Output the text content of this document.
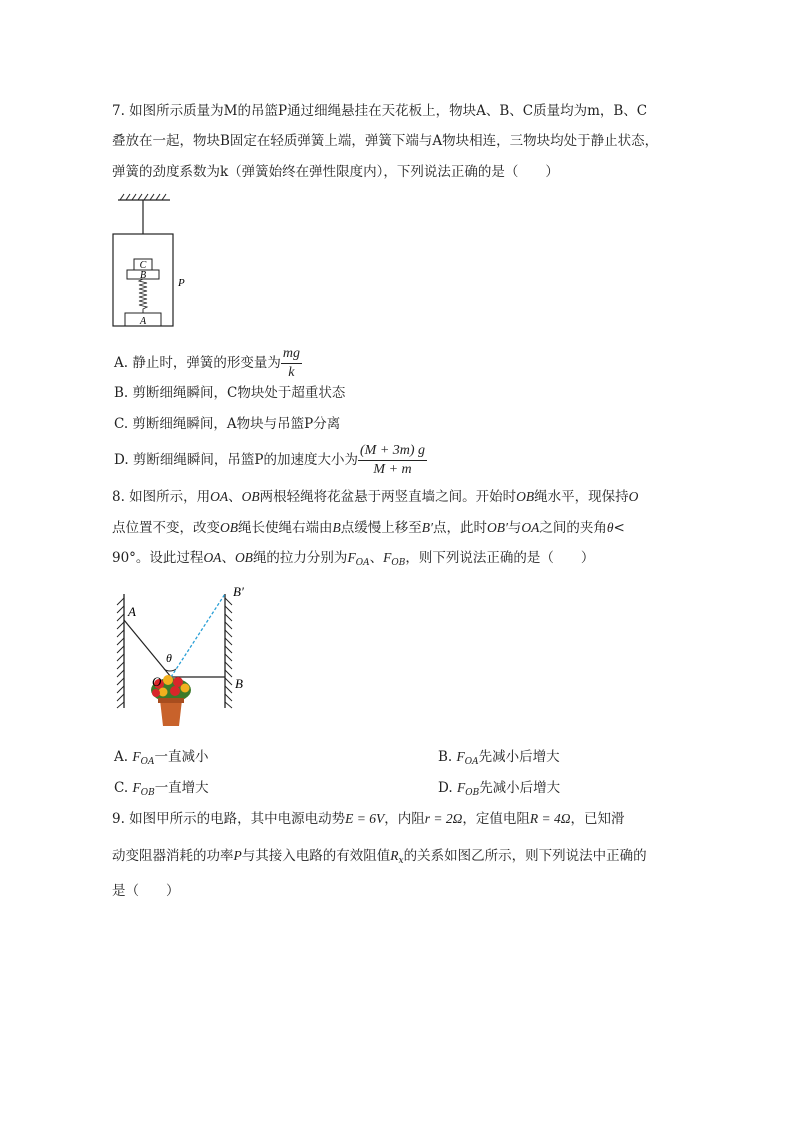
7. 如图所示质量为M的吊篮P通过细绳悬挂在天花板上，物块A、B、C质量均为m，B、C
叠放在一起，物块B固定在轻质弹簧上端，弹簧下端与A物块相连，三物块均处于静止状态，
弹簧的劲度系数为k（弹簧始终在弹性限度内），下列说法正确的是（　　）
C
B
A
P
A. 静止时，弹簧的形变量为 $\frac{mg}{k}$
B. 剪断细绳瞬间，C物块处于超重状态
C. 剪断细绳瞬间，A物块与吊篮P分离
D. 剪断细绳瞬间，吊篮P的加速度大小为 $\frac{(M + 3m) g}{M + m}$
8. 如图所示，用OA、OB两根轻绳将花盆悬于两竖直墙之间。开始时OB绳水平，现保持O
点位置不变，改变OB绳长使绳右端由B点缓慢上移至B′点，此时OB′与OA之间的夹角θ<
90°。设此过程OA、OB绳的拉力分别为$F_{OA}$、$F_{OB}$，则下列说法正确的是（　　）
A
B
B′
O
θ
A. $F_{OA}$一直减小	B. $F_{OA}$先减小后增大
C. $F_{OB}$一直增大	D. $F_{OB}$先减小后增大
9. 如图甲所示的电路，其中电源电动势E = 6V，内阻r = 2Ω，定值电阻R = 4Ω，已知滑
动变阻器消耗的功率P与其接入电路的有效阻值$R_x$的关系如图乙所示，则下列说法中正确的
是（　　）
